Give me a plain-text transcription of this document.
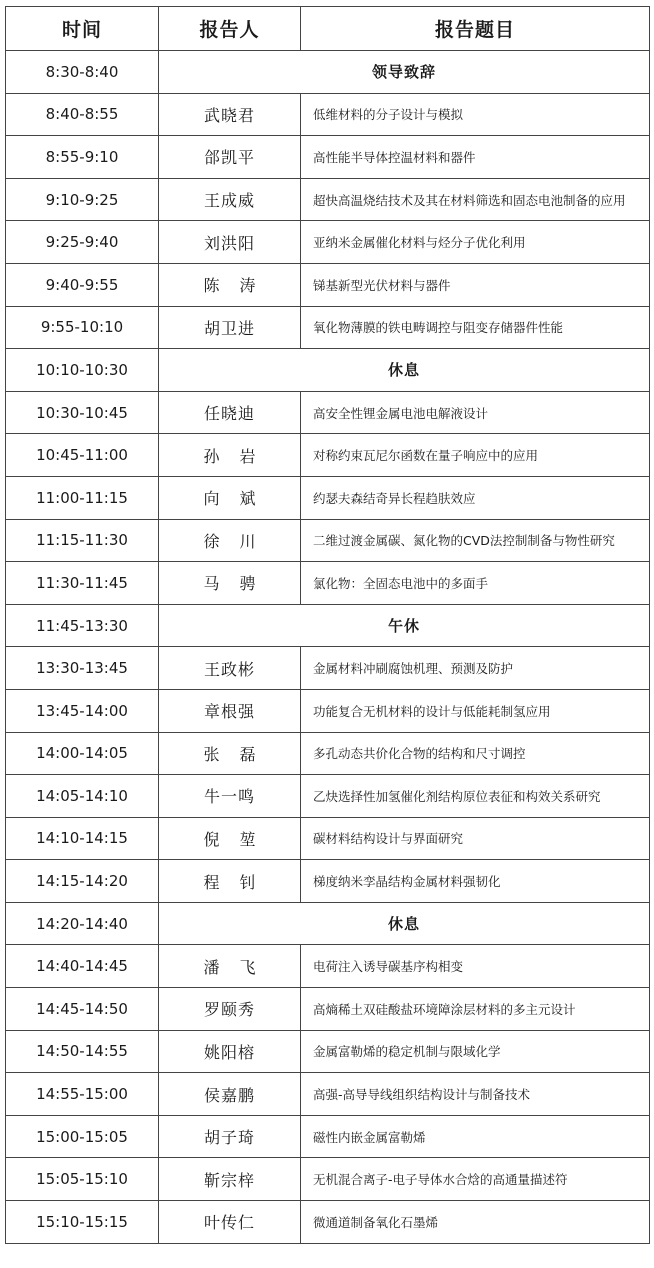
时间	报告人	报告题目
8:30-8:40	领导致辞	
8:40-8:55	武晓君	低维材料的分子设计与模拟
8:55-9:10	郃凯平	高性能半导体控温材料和器件
9:10-9:25	王成威	超快高温烧结技术及其在材料筛选和固态电池制备的应用
9:25-9:40	刘洪阳	亚纳米金属催化材料与烃分子优化利用
9:40-9:55	陈涛	锑基新型光伏材料与器件
9:55-10:10	胡卫进	氧化物薄膜的铁电畴调控与阻变存储器件性能
10:10-10:30	休息	
10:30-10:45	任晓迪	高安全性锂金属电池电解液设计
10:45-11:00	孙岩	对称约束瓦尼尔函数在量子响应中的应用
11:00-11:15	向斌	约瑟夫森结奇异长程趋肤效应
11:15-11:30	徐川	二维过渡金属碳、氮化物的CVD法控制制备与物性研究
11:30-11:45	马骋	氯化物：全固态电池中的多面手
11:45-13:30	午休	
13:30-13:45	王政彬	金属材料冲刷腐蚀机理、预测及防护
13:45-14:00	章根强	功能复合无机材料的设计与低能耗制氢应用
14:00-14:05	张磊	多孔动态共价化合物的结构和尺寸调控
14:05-14:10	牛一鸣	乙炔选择性加氢催化剂结构原位表征和构效关系研究
14:10-14:15	倪堃	碳材料结构设计与界面研究
14:15-14:20	程钊	梯度纳米孪晶结构金属材料强韧化
14:20-14:40	休息	
14:40-14:45	潘飞	电荷注入诱导碳基序构相变
14:45-14:50	罗颐秀	高熵稀土双硅酸盐环境障涂层材料的多主元设计
14:50-14:55	姚阳榕	金属富勒烯的稳定机制与限域化学
14:55-15:00	侯嘉鹏	高强-高导导线组织结构设计与制备技术
15:00-15:05	胡子琦	磁性内嵌金属富勒烯
15:05-15:10	靳宗梓	无机混合离子-电子导体水合焓的高通量描述符
15:10-15:15	叶传仁	微通道制备氧化石墨烯
